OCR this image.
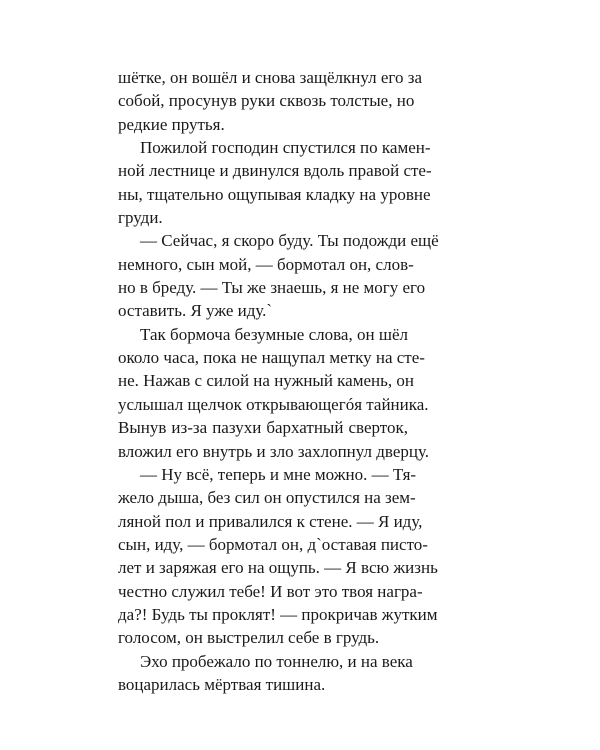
шётке, он вошёл и снова защёлкнул его за
собой, просунув руки сквозь толстые, но
редкие прутья.
Пожилой господин спустился по камен-
ной лестнице и двинулся вдоль правой сте-
ны, тщательно ощупывая кладку на уровне
груди.
— Сейчас, я скоро буду. Ты подожди ещё
немного, сын мой, — бормотал он, слов-
но в бреду. — Ты же знаешь, я не могу его
оставить. Я уже иду.`
Так бормоча безумные слова, он шёл
около часа, пока не нащупал метку на сте-
не. Нажав с силой на нужный камень, он
услышал щелчок открывающегóя тайника.
Вынув из-за пазухи бархатный сверток,
вложил его внутрь и зло захлопнул дверцу.
— Ну всё, теперь и мне можно. — Тя-
жело дыша, без сил он опустился на зем-
ляной пол и привалился к стене. — Я иду,
сын, иду, — бормотал он, д`оставая писто-
лет и заряжая его на ощупь. — Я всю жизнь
честно служил тебе! И вот это твоя награ-
да?! Будь ты проклят! — прокричав жутким
голосом, он выстрелил себе в грудь.
Эхо пробежало по тоннелю, и на века
воцарилась мёртвая тишина.
